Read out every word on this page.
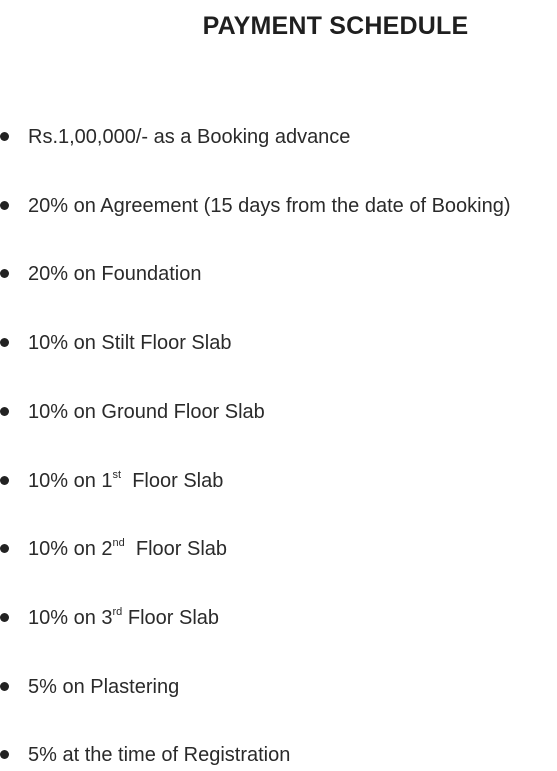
PAYMENT SCHEDULE
Rs.1,00,000/- as a Booking advance
20% on Agreement (15 days from the date of Booking)
20% on Foundation
10% on Stilt Floor Slab
10% on Ground Floor Slab
10% on 1st  Floor Slab
10% on 2nd  Floor Slab
10% on 3rd Floor Slab
5% on Plastering
5% at the time of Registration
